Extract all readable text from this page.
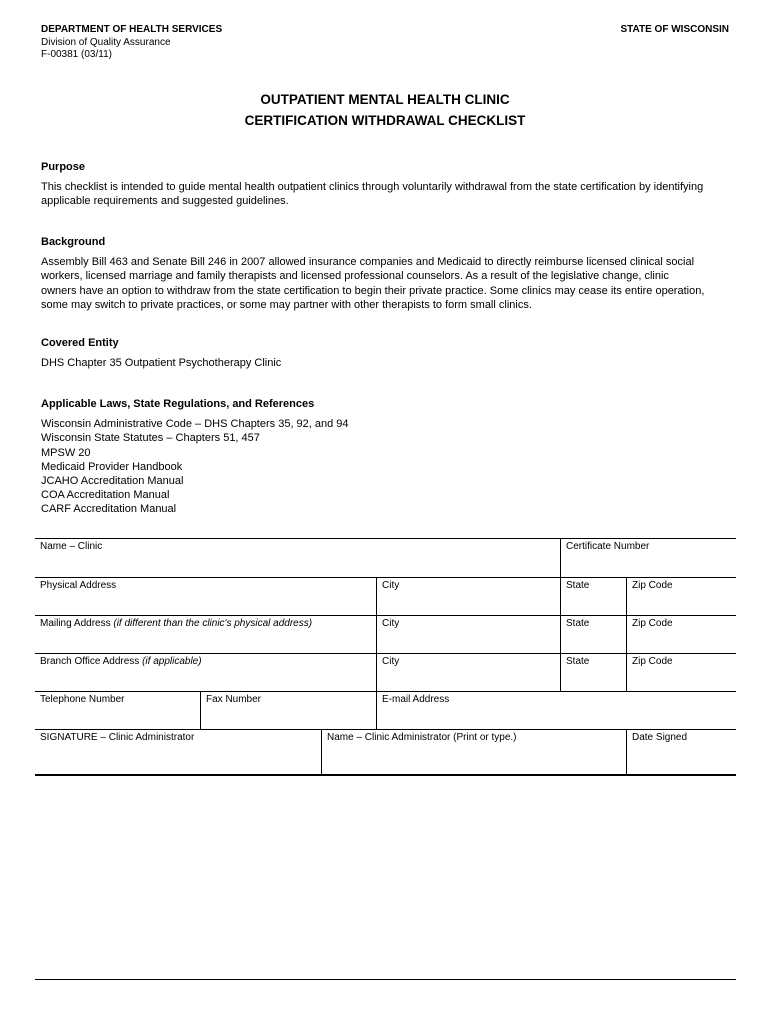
DEPARTMENT OF HEALTH SERVICES
Division of Quality Assurance
F-00381 (03/11)
STATE OF WISCONSIN
OUTPATIENT MENTAL HEALTH CLINIC
CERTIFICATION WITHDRAWAL CHECKLIST
Purpose

This checklist is intended to guide mental health outpatient clinics through voluntarily withdrawal from the state certification by identifying
applicable requirements and suggested guidelines.

Background

Assembly Bill 463 and Senate Bill 246 in 2007 allowed insurance companies and Medicaid to directly reimburse licensed clinical social
workers, licensed marriage and family therapists and licensed professional counselors. As a result of the legislative change, clinic
owners have an option to withdraw from the state certification to begin their private practice. Some clinics may cease its entire operation,
some may switch to private practices, or some may partner with other therapists to form small clinics.

Covered Entity

DHS Chapter 35 Outpatient Psychotherapy Clinic

Applicable Laws, State Regulations, and References
Wisconsin Administrative Code – DHS Chapters 35, 92, and 94
Wisconsin State Statutes – Chapters 51, 457
MPSW 20
Medicaid Provider Handbook
JCAHO Accreditation Manual
COA Accreditation Manual
CARF Accreditation Manual
Name – Clinic	Certificate Number
Physical Address	City	State	Zip Code
Mailing Address (if different than the clinic's physical address)	City	State	Zip Code
Branch Office Address (if applicable)	City	State	Zip Code
Telephone Number	Fax Number	E-mail Address
SIGNATURE – Clinic Administrator	Name – Clinic Administrator (Print or type.)	Date Signed
